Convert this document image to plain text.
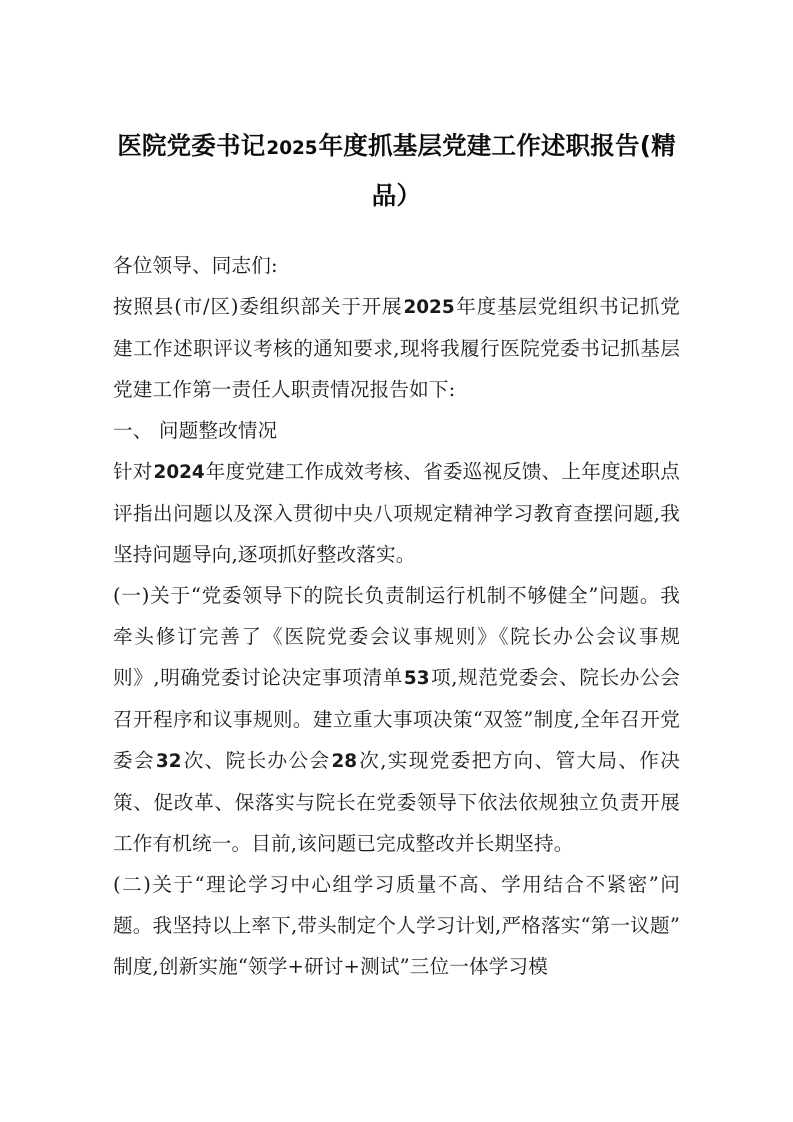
医院党委书记2025年度抓基层党建工作述职报告(精品）

各位领导、同志们:

按照县(市/区)委组织部关于开展2025年度基层党组织书记抓党建工作述职评议考核的通知要求,现将我履行医院党委书记抓基层党建工作第一责任人职责情况报告如下:

一、 问题整改情况

针对2024年度党建工作成效考核、省委巡视反馈、上年度述职点评指出问题以及深入贯彻中央八项规定精神学习教育查摆问题,我坚持问题导向,逐项抓好整改落实。

(一)关于“党委领导下的院长负责制运行机制不够健全”问题。我牵头修订完善了《医院党委会议事规则》《院长办公会议事规则》,明确党委讨论决定事项清单53项,规范党委会、院长办公会召开程序和议事规则。建立重大事项决策“双签”制度,全年召开党委会32次、院长办公会28次,实现党委把方向、管大局、作决策、促改革、保落实与院长在党委领导下依法依规独立负责开展工作有机统一。目前,该问题已完成整改并长期坚持。

(二)关于“理论学习中心组学习质量不高、学用结合不紧密”问题。我坚持以上率下,带头制定个人学习计划,严格落实“第一议题”制度,创新实施“领学+研讨+测试”三位一体学习模
